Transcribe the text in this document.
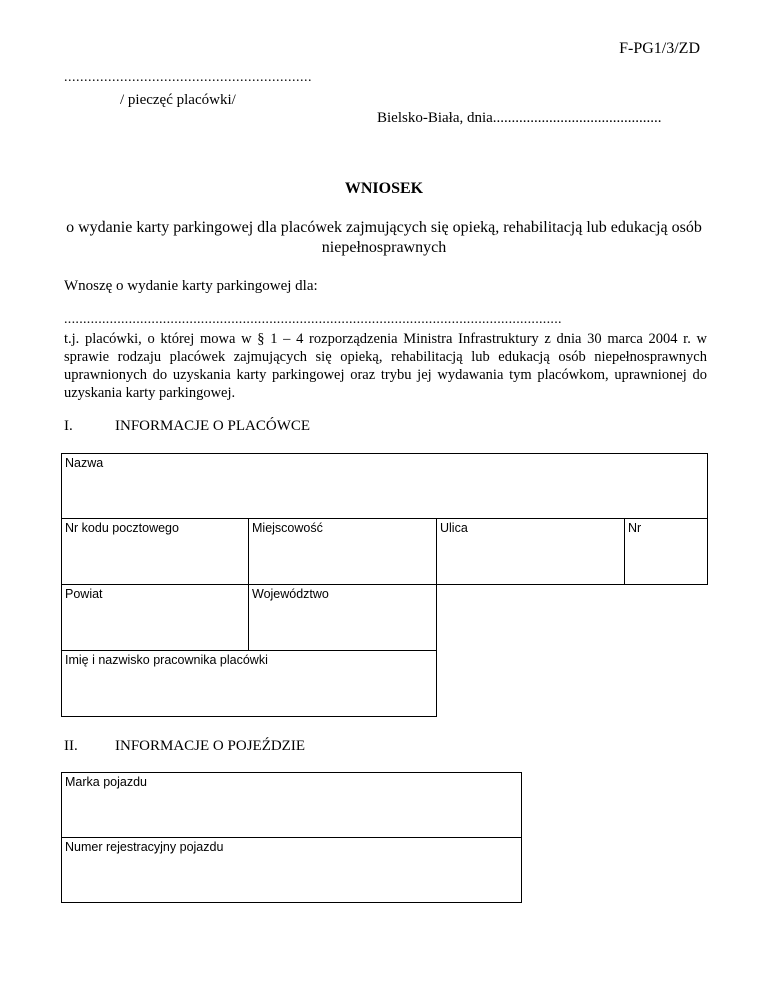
F-PG1/3/ZD
..............................................................
/ pieczęć placówki/
Bielsko-Biała, dnia.............................................
WNIOSEK
o wydanie karty parkingowej dla placówek zajmujących się opieką, rehabilitacją lub edukacją osób niepełnosprawnych
Wnoszę o wydanie karty parkingowej dla:
...................................................................................................................................
t.j. placówki, o której mowa w § 1 – 4 rozporządzenia Ministra Infrastruktury z dnia 30 marca 2004 r. w sprawie rodzaju placówek zajmujących się opieką, rehabilitacją lub edukacją osób niepełnosprawnych uprawnionych do uzyskania karty parkingowej oraz trybu jej wydawania tym placówkom, uprawnionej do uzyskania karty parkingowej.
I.	INFORMACJE O PLACÓWCE
Nazwa
Nr kodu pocztowego	Miejscowość	Ulica	Nr
Powiat	Województwo
Imię i nazwisko pracownika placówki
II. INFORMACJE O POJEŹDZIE
Marka pojazdu
Numer rejestracyjny pojazdu
